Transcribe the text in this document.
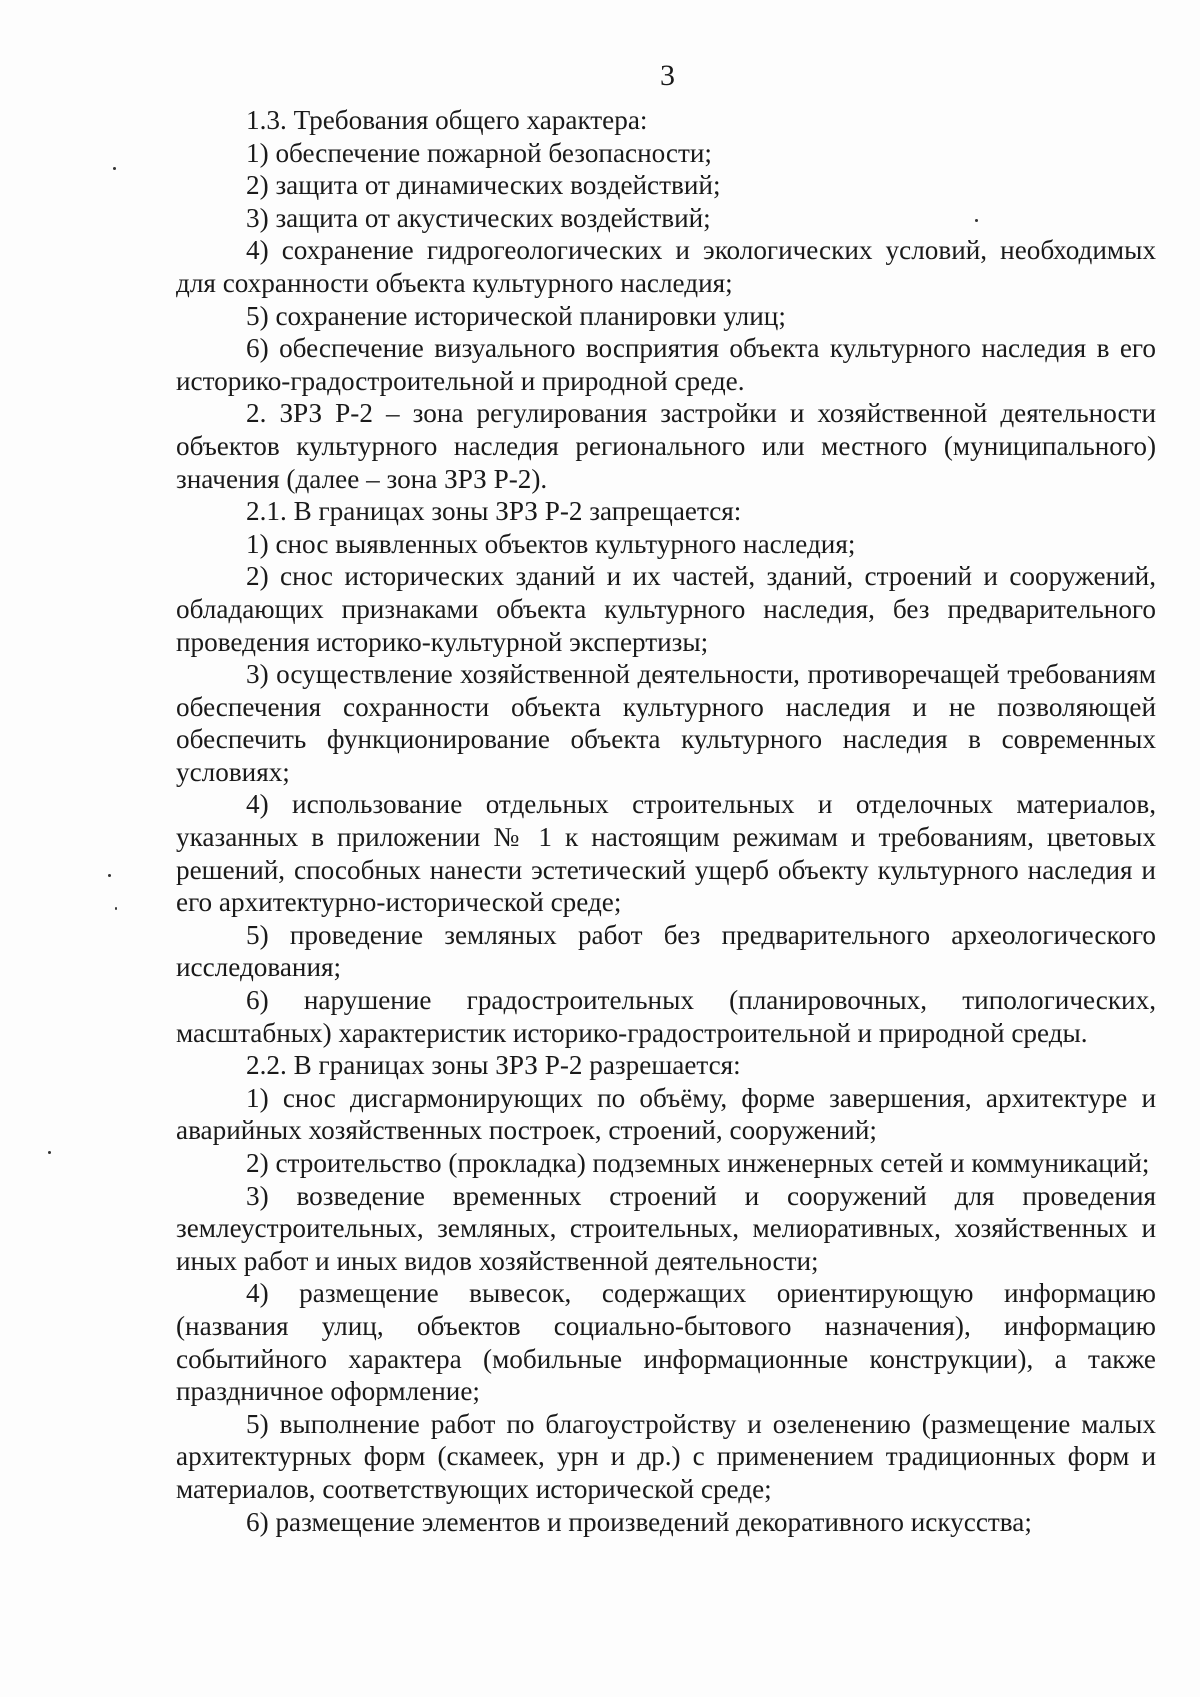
3

1.3. Требования общего характера:

1) обеспечение пожарной безопасности;

2) защита от динамических воздействий;

3) защита от акустических воздействий;

4) сохранение гидрогеологических и экологических условий, необходимых для сохранности объекта культурного наследия;

5) сохранение исторической планировки улиц;

6) обеспечение визуального восприятия объекта культурного наследия в его историко-градостроительной и природной среде.

2. ЗРЗ Р-2 – зона регулирования застройки и хозяйственной деятельности объектов культурного наследия регионального или местного (муниципального) значения (далее – зона ЗРЗ Р-2).

2.1. В границах зоны ЗРЗ Р-2 запрещается:

1) снос выявленных объектов культурного наследия;

2) снос исторических зданий и их частей, зданий, строений и сооружений, обладающих признаками объекта культурного наследия, без предварительного проведения историко-культурной экспертизы;

3) осуществление хозяйственной деятельности, противоречащей требованиям обеспечения сохранности объекта культурного наследия и не позволяющей обеспечить функционирование объекта культурного наследия в современных условиях;

4) использование отдельных строительных и отделочных материалов, указанных в приложении № 1 к настоящим режимам и требованиям, цветовых решений, способных нанести эстетический ущерб объекту культурного наследия и его архитектурно-исторической среде;

5) проведение земляных работ без предварительного археологического исследования;

6) нарушение градостроительных (планировочных, типологических, масштабных) характеристик историко-градостроительной и природной среды.

2.2. В границах зоны ЗРЗ Р-2 разрешается:

1) снос дисгармонирующих по объёму, форме завершения, архитектуре и аварийных хозяйственных построек, строений, сооружений;

2) строительство (прокладка) подземных инженерных сетей и коммуникаций;

3) возведение временных строений и сооружений для проведения землеустроительных, земляных, строительных, мелиоративных, хозяйственных и иных работ и иных видов хозяйственной деятельности;

4) размещение вывесок, содержащих ориентирующую информацию (названия улиц, объектов социально-бытового назначения), информацию событийного характера (мобильные информационные конструкции), а также праздничное оформление;

5) выполнение работ по благоустройству и озеленению (размещение малых архитектурных форм (скамеек, урн и др.) с применением традиционных форм и материалов, соответствующих исторической среде;

6) размещение элементов и произведений декоративного искусства;
